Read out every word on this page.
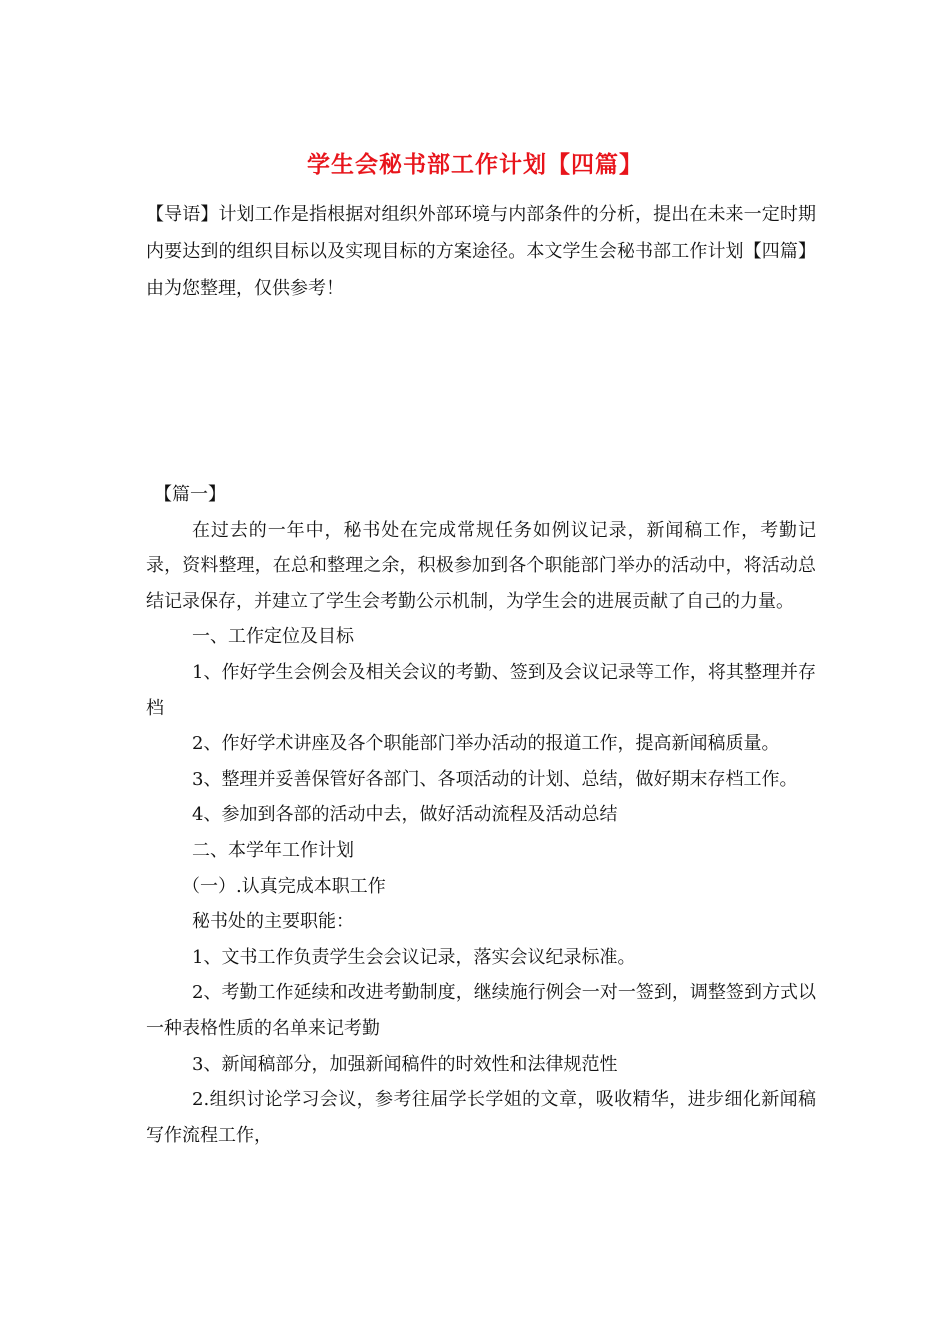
学生会秘书部工作计划【四篇】

【导语】计划工作是指根据对组织外部环境与内部条件的分析，提出在未来一定时期内要达到的组织目标以及实现目标的方案途径。本文学生会秘书部工作计划【四篇】由为您整理，仅供参考！

【篇一】

在过去的一年中，秘书处在完成常规任务如例议记录，新闻稿工作，考勤记录，资料整理，在总和整理之余，积极参加到各个职能部门举办的活动中，将活动总结记录保存，并建立了学生会考勤公示机制，为学生会的进展贡献了自己的力量。

一、工作定位及目标

1、作好学生会例会及相关会议的考勤、签到及会议记录等工作，将其整理并存档

2、作好学术讲座及各个职能部门举办活动的报道工作，提高新闻稿质量。

3、整理并妥善保管好各部门、各项活动的计划、总结，做好期末存档工作。

4、参加到各部的活动中去，做好活动流程及活动总结

二、本学年工作计划

（一）.认真完成本职工作

秘书处的主要职能：

1、文书工作负责学生会会议记录，落实会议纪录标准。

2、考勤工作延续和改进考勤制度，继续施行例会一对一签到，调整签到方式以一种表格性质的名单来记考勤

3、新闻稿部分，加强新闻稿件的时效性和法律规范性

2.组织讨论学习会议，参考往届学长学姐的文章，吸收精华，进步细化新闻稿写作流程工作，
